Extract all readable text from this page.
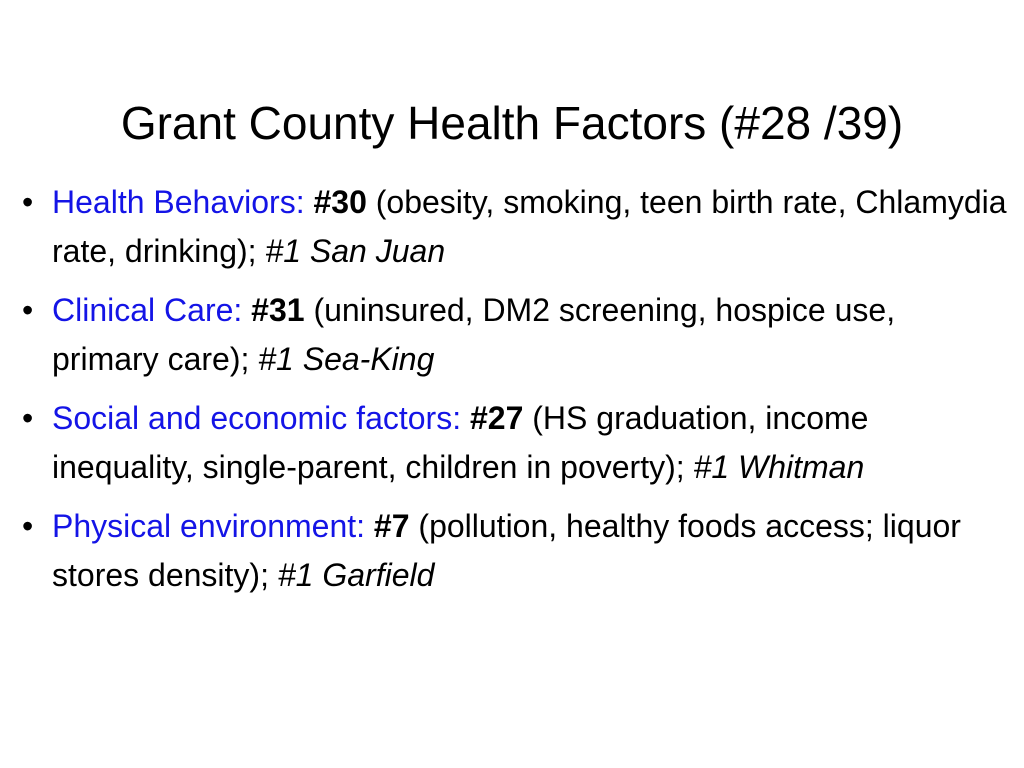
Grant County Health Factors (#28 /39)
• Health Behaviors: #30 (obesity, smoking, teen birth rate, Chlamydia rate, drinking); #1 San Juan
• Clinical Care: #31 (uninsured, DM2 screening, hospice use, primary care); #1 Sea-King
• Social and economic factors: #27 (HS graduation, income inequality, single-parent, children in poverty); #1 Whitman
• Physical environment: #7 (pollution, healthy foods access; liquor stores density); #1 Garfield
